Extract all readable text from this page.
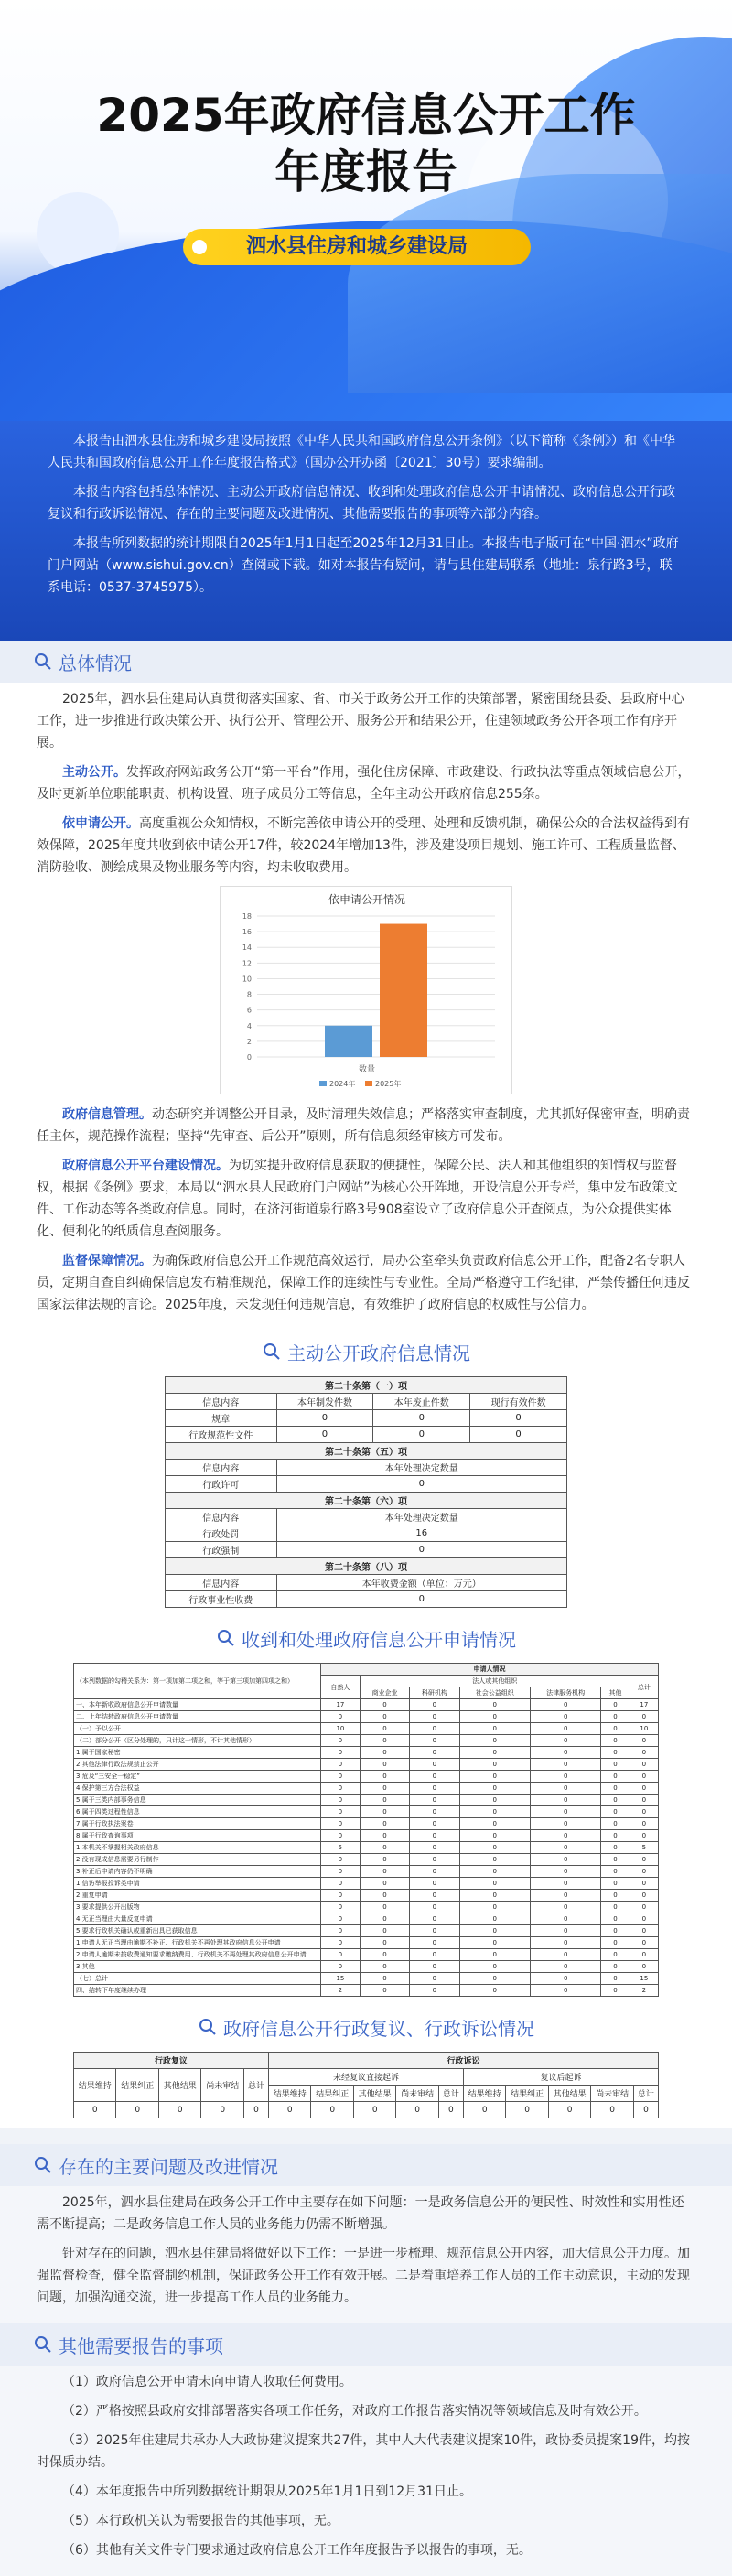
2025年政府信息公开工作
年度报告
泗水县住房和城乡建设局

本报告由泗水县住房和城乡建设局按照《中华人民共和国政府信息公开条例》（以下简称《条例》）和《中华人民共和国政府信息公开工作年度报告格式》（国办公开办函〔2021〕30号）要求编制。

本报告内容包括总体情况、主动公开政府信息情况、收到和处理政府信息公开申请情况、政府信息公开行政复议和行政诉讼情况、存在的主要问题及改进情况、其他需要报告的事项等六部分内容。

本报告所列数据的统计期限自2025年1月1日起至2025年12月31日止。本报告电子版可在“中国·泗水”政府门户网站（www.sishui.gov.cn）查阅或下载。如对本报告有疑问，请与县住建局联系（地址：泉行路3号，联系电话：0537-3745975）。

总体情况

2025年，泗水县住建局认真贯彻落实国家、省、市关于政务公开工作的决策部署，紧密围绕县委、县政府中心工作，进一步推进行政决策公开、执行公开、管理公开、服务公开和结果公开，住建领域政务公开各项工作有序开展。

主动公开。发挥政府网站政务公开“第一平台”作用，强化住房保障、市政建设、行政执法等重点领域信息公开，及时更新单位职能职责、机构设置、班子成员分工等信息，全年主动公开政府信息255条。

依申请公开。高度重视公众知情权，不断完善依申请公开的受理、处理和反馈机制，确保公众的合法权益得到有效保障，2025年度共收到依申请公开17件，较2024年增加13件，涉及建设项目规划、施工许可、工程质量监督、消防验收、测绘成果及物业服务等内容，均未收取费用。

依申请公开情况
0
2
4
6
8
10
12
14
16
18
数量
2024年	2025年

政府信息管理。动态研究并调整公开目录，及时清理失效信息；严格落实审查制度，尤其抓好保密审查，明确责任主体，规范操作流程；坚持“先审查、后公开”原则，所有信息须经审核方可发布。

政府信息公开平台建设情况。为切实提升政府信息获取的便捷性，保障公民、法人和其他组织的知情权与监督权，根据《条例》要求，本局以“泗水县人民政府门户网站”为核心公开阵地，开设信息公开专栏，集中发布政策文件、工作动态等各类政府信息。同时，在济河街道泉行路3号908室设立了政府信息公开查阅点，为公众提供实体化、便利化的纸质信息查阅服务。

监督保障情况。为确保政府信息公开工作规范高效运行，局办公室牵头负责政府信息公开工作，配备2名专职人员，定期自查自纠确保信息发布精准规范，保障工作的连续性与专业性。全局严格遵守工作纪律，严禁传播任何违反国家法律法规的言论。2025年度，未发现任何违规信息，有效维护了政府信息的权威性与公信力。

主动公开政府信息情况
第二十条第（一）项			
信息内容	本年制发件数	本年废止件数	现行有效件数
规章	0	0	0
行政规范性文件	0	0	0
第二十条第（五）项			
信息内容	本年处理决定数量		
行政许可	0		
第二十条第（六）项			
信息内容	本年处理决定数量		
行政处罚	16		
行政强制	0		
第二十条第（八）项			
信息内容	本年收费金额（单位：万元）		
行政事业性收费	0		
收到和处理政府信息公开申请情况
（本列数据的勾稽关系为：第一项加第二项之和，等于第三项加第四项之和）	申请人情况						
	自然人	法人或其他组织					总计
		商业企业	科研机构	社会公益组织	法律服务机构	其他	
一、本年新收政府信息公开申请数量	17	0	0	0	0	0	17
二、上年结转政府信息公开申请数量	0	0	0	0	0	0	0
（一）予以公开	10	0	0	0	0	0	10
（二）部分公开（区分处理的，只计这一情形，不计其他情形）	0	0	0	0	0	0	0
1.属于国家秘密	0	0	0	0	0	0	0
2.其他法律行政法规禁止公开	0	0	0	0	0	0	0
3.危及“三安全一稳定”	0	0	0	0	0	0	0
4.保护第三方合法权益	0	0	0	0	0	0	0
5.属于三类内部事务信息	0	0	0	0	0	0	0
6.属于四类过程性信息	0	0	0	0	0	0	0
7.属于行政执法案卷	0	0	0	0	0	0	0
8.属于行政查询事项	0	0	0	0	0	0	0
1.本机关不掌握相关政府信息	5	0	0	0	0	0	5
2.没有现成信息需要另行制作	0	0	0	0	0	0	0
3.补正后申请内容仍不明确	0	0	0	0	0	0	0
1.信访举报投诉类申请	0	0	0	0	0	0	0
2.重复申请	0	0	0	0	0	0	0
3.要求提供公开出版物	0	0	0	0	0	0	0
4.无正当理由大量反复申请	0	0	0	0	0	0	0
5.要求行政机关确认或重新出具已获取信息	0	0	0	0	0	0	0
1.申请人无正当理由逾期不补正、行政机关不再处理其政府信息公开申请	0	0	0	0	0	0	0
2.申请人逾期未按收费通知要求缴纳费用、行政机关不再处理其政府信息公开申请	0	0	0	0	0	0	0
3.其他	0	0	0	0	0	0	0
（七）总计	15	0	0	0	0	0	15
四、结转下年度继续办理	2	0	0	0	0	0	2
政府信息公开行政复议、行政诉讼情况
行政复议					行政诉讼									
结果维持	结果纠正	其他结果	尚未审结	总计	未经复议直接起诉					复议后起诉				
					结果维持	结果纠正	其他结果	尚未审结	总计	结果维持	结果纠正	其他结果	尚未审结	总计
0	0	0	0	0	0	0	0	0	0	0	0	0	0	0
存在的主要问题及改进情况

2025年，泗水县住建局在政务公开工作中主要存在如下问题：一是政务信息公开的便民性、时效性和实用性还需不断提高；二是政务信息工作人员的业务能力仍需不断增强。

针对存在的问题，泗水县住建局将做好以下工作：一是进一步梳理、规范信息公开内容，加大信息公开力度。加强监督检查，健全监督制约机制，保证政务公开工作有效开展。二是着重培养工作人员的工作主动意识，主动的发现问题，加强沟通交流，进一步提高工作人员的业务能力。

其他需要报告的事项

（1）政府信息公开申请未向申请人收取任何费用。

（2）严格按照县政府安排部署落实各项工作任务，对政府工作报告落实情况等领域信息及时有效公开。

（3）2025年住建局共承办人大政协建议提案共27件，其中人大代表建议提案10件，政协委员提案19件，均按时保质办结。

（4）本年度报告中所列数据统计期限从2025年1月1日到12月31日止。

（5）本行政机关认为需要报告的其他事项，无。

（6）其他有关文件专门要求通过政府信息公开工作年度报告予以报告的事项，无。
